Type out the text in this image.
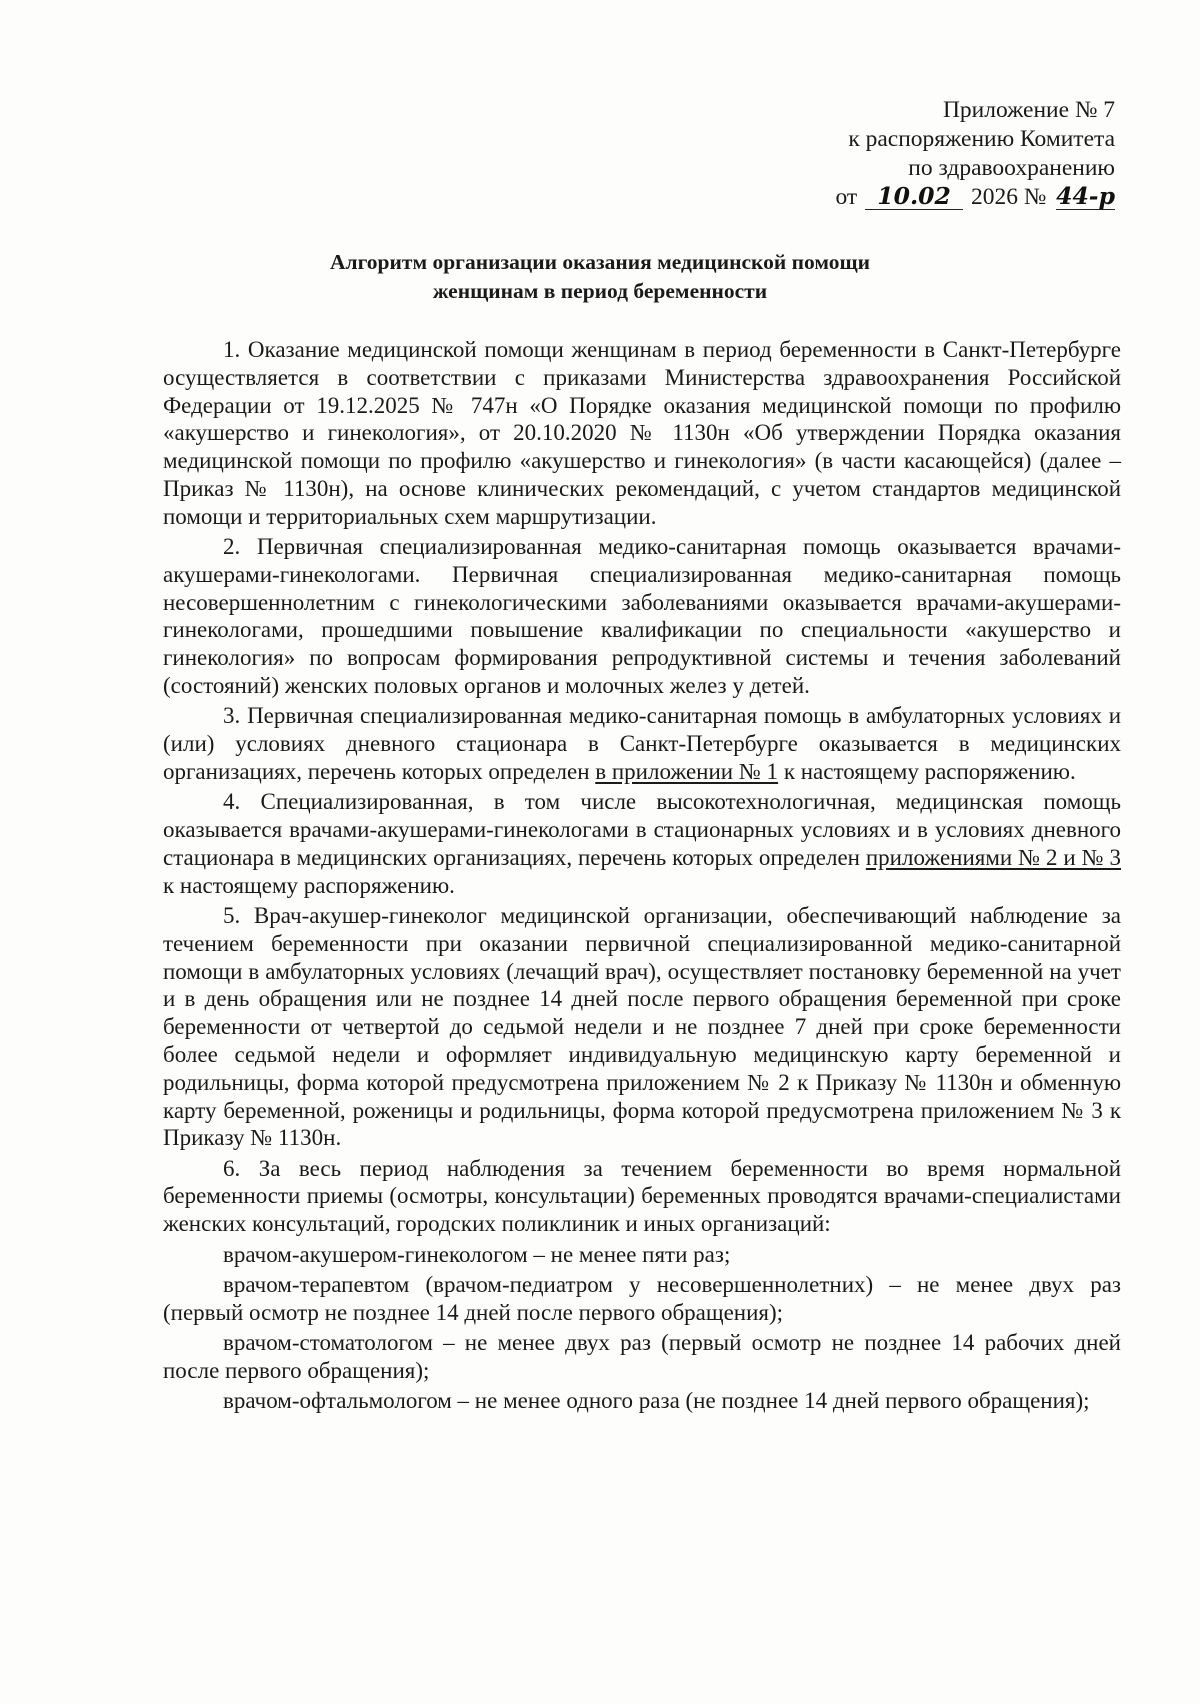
Приложение № 7
к распоряжению Комитета
по здравоохранению
от 10.02 2026 № 44-р
Алгоритм организации оказания медицинской помощи
женщинам в период беременности

1. Оказание медицинской помощи женщинам в период беременности в Санкт-Петербурге осуществляется в соответствии с приказами Министерства здравоохранения Российской Федерации от 19.12.2025 № 747н «О Порядке оказания медицинской помощи по профилю «акушерство и гинекология», от 20.10.2020 № 1130н «Об утверждении Порядка оказания медицинской помощи по профилю «акушерство и гинекология» (в части касающейся) (далее – Приказ № 1130н), на основе клинических рекомендаций, с учетом стандартов медицинской помощи и территориальных схем маршрутизации.

2. Первичная специализированная медико-санитарная помощь оказывается врачами-акушерами-гинекологами. Первичная специализированная медико-санитарная помощь несовершеннолетним с гинекологическими заболеваниями оказывается врачами-акушерами-гинекологами, прошедшими повышение квалификации по специальности «акушерство и гинекология» по вопросам формирования репродуктивной системы и течения заболеваний (состояний) женских половых органов и молочных желез у детей.

3. Первичная специализированная медико-санитарная помощь в амбулаторных условиях и (или) условиях дневного стационара в Санкт-Петербурге оказывается в медицинских организациях, перечень которых определен в приложении № 1 к настоящему распоряжению.

4. Специализированная, в том числе высокотехнологичная, медицинская помощь оказывается врачами-акушерами-гинекологами в стационарных условиях и в условиях дневного стационара в медицинских организациях, перечень которых определен приложениями № 2 и № 3 к настоящему распоряжению.

5. Врач-акушер-гинеколог медицинской организации, обеспечивающий наблюдение за течением беременности при оказании первичной специализированной медико-санитарной помощи в амбулаторных условиях (лечащий врач), осуществляет постановку беременной на учет и в день обращения или не позднее 14 дней после первого обращения беременной при сроке беременности от четвертой до седьмой недели и не позднее 7 дней при сроке беременности более седьмой недели и оформляет индивидуальную медицинскую карту беременной и родильницы, форма которой предусмотрена приложением № 2 к Приказу № 1130н и обменную карту беременной, роженицы и родильницы, форма которой предусмотрена приложением № 3 к Приказу № 1130н.

6. За весь период наблюдения за течением беременности во время нормальной беременности приемы (осмотры, консультации) беременных проводятся врачами-специалистами женских консультаций, городских поликлиник и иных организаций:

врачом-акушером-гинекологом – не менее пяти раз;

врачом-терапевтом (врачом-педиатром у несовершеннолетних) – не менее двух раз (первый осмотр не позднее 14 дней после первого обращения);

врачом-стоматологом – не менее двух раз (первый осмотр не позднее 14 рабочих дней после первого обращения);

врачом-офтальмологом – не менее одного раза (не позднее 14 дней первого обращения);
